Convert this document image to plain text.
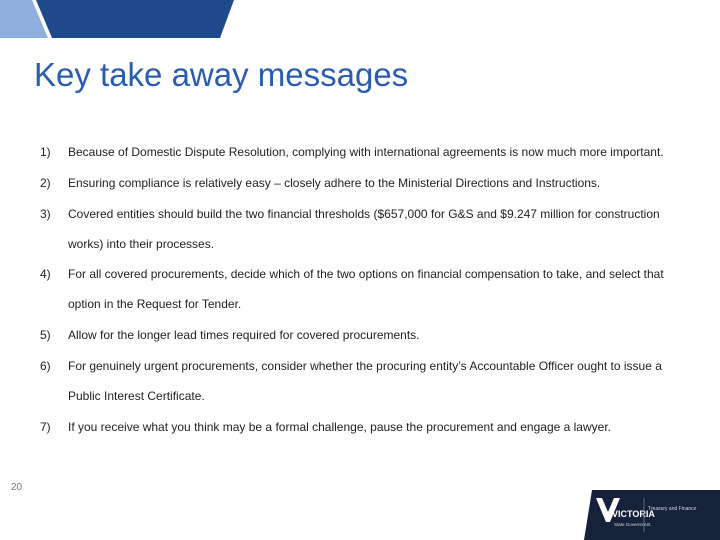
Key take away messages
1) Because of Domestic Dispute Resolution, complying with international agreements is now much more important.
2) Ensuring compliance is relatively easy – closely adhere to the Ministerial Directions and Instructions.
3) Covered entities should build the two financial thresholds ($657,000 for G&S and $9.247 million for construction works) into their processes.
4) For all covered procurements, decide which of the two options on financial compensation to take, and select that option in the Request for Tender.
5) Allow for the longer lead times required for covered procurements.
6) For genuinely urgent procurements, consider whether the procuring entity’s Accountable Officer ought to issue a Public Interest Certificate.
7) If you receive what you think may be a formal challenge, pause the procurement and engage a lawyer.
20
VICTORIA
State Government
Treasury and Finance
